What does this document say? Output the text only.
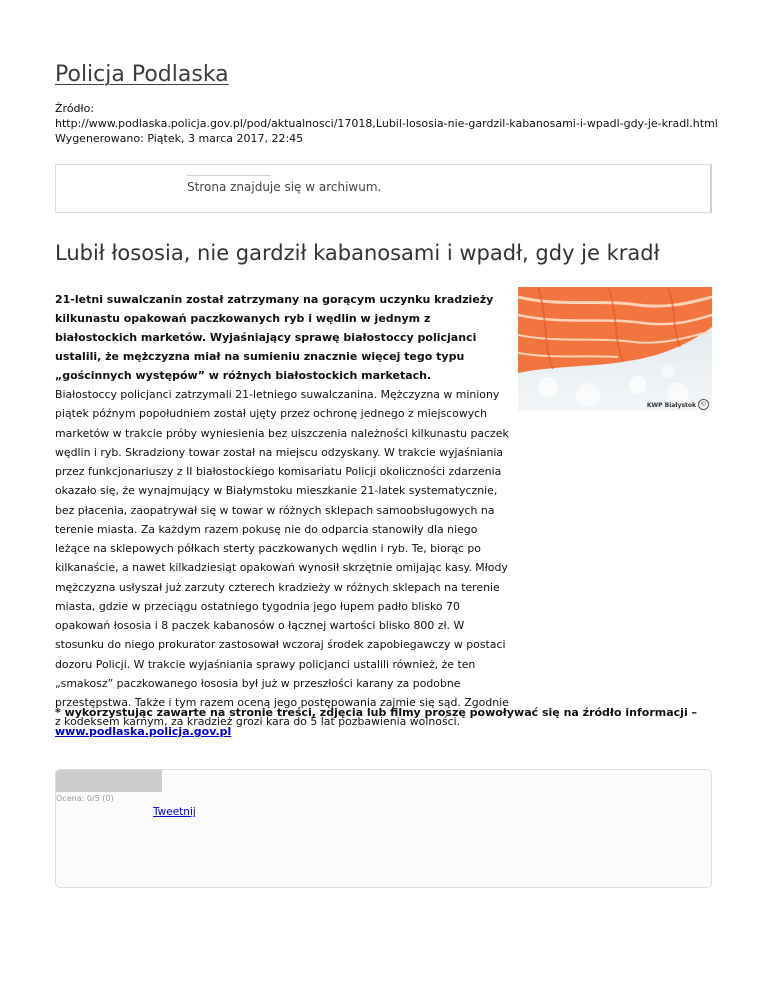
Policja Podlaska
Źródło:
http://www.podlaska.policja.gov.pl/pod/aktualnosci/17018,Lubil-lososia-nie-gardzil-kabanosami-i-wpadl-gdy-je-kradl.html
Wygenerowano: Piątek, 3 marca 2017, 22:45
Strona znajduje się w archiwum.
Lubił łososia, nie gardził kabanosami i wpadł, gdy je kradł
KWP Białystok ©

21-letni suwalczanin został zatrzymany na gorącym uczynku kradzieży kilkunastu opakowań paczkowanych ryb i wędlin w jednym z białostockich marketów. Wyjaśniający sprawę białostoccy policjanci ustalili, że mężczyzna miał na sumieniu znacznie więcej tego typu „gościnnych występów” w różnych białostockich marketach.

Białostoccy policjanci zatrzymali 21-letniego suwalczanina. Mężczyzna w miniony piątek późnym popołudniem został ujęty przez ochronę jednego z miejscowych marketów w trakcie próby wyniesienia bez uiszczenia należności kilkunastu paczek wędlin i ryb. Skradziony towar został na miejscu odzyskany. W trakcie wyjaśniania przez funkcjonariuszy z II białostockiego komisariatu Policji okoliczności zdarzenia okazało się, że wynajmujący w Białymstoku mieszkanie 21-latek systematycznie, bez płacenia, zaopatrywał się w towar w różnych sklepach samoobsługowych na terenie miasta. Za każdym razem pokusę nie do odparcia stanowiły dla niego leżące na sklepowych półkach sterty paczkowanych wędlin i ryb. Te, biorąc po kilkanaście, a nawet kilkadziesiąt opakowań wynosił skrzętnie omijając kasy. Młody mężczyzna usłyszał już zarzuty czterech kradzieży w różnych sklepach na terenie miasta, gdzie w przeciągu ostatniego tygodnia jego łupem padło blisko 70 opakowań łososia i 8 paczek kabanosów o łącznej wartości blisko 800 zł. W stosunku do niego prokurator zastosował wczoraj środek zapobiegawczy w postaci dozoru Policji. W trakcie wyjaśniania sprawy policjanci ustalili również, że ten „smakosz” paczkowanego łososia był już w przeszłości karany za podobne przestępstwa. Także i tym razem oceną jego postępowania zajmie się sąd. Zgodnie z kodeksem karnym, za kradzież grozi kara do 5 lat pozbawienia wolności.

* wykorzystując zawarte na stronie treści, zdjęcia lub filmy proszę powoływać się na źródło informacji – www.podlaska.policja.gov.pl

Ocena: 0/5 (0)
Tweetnij
